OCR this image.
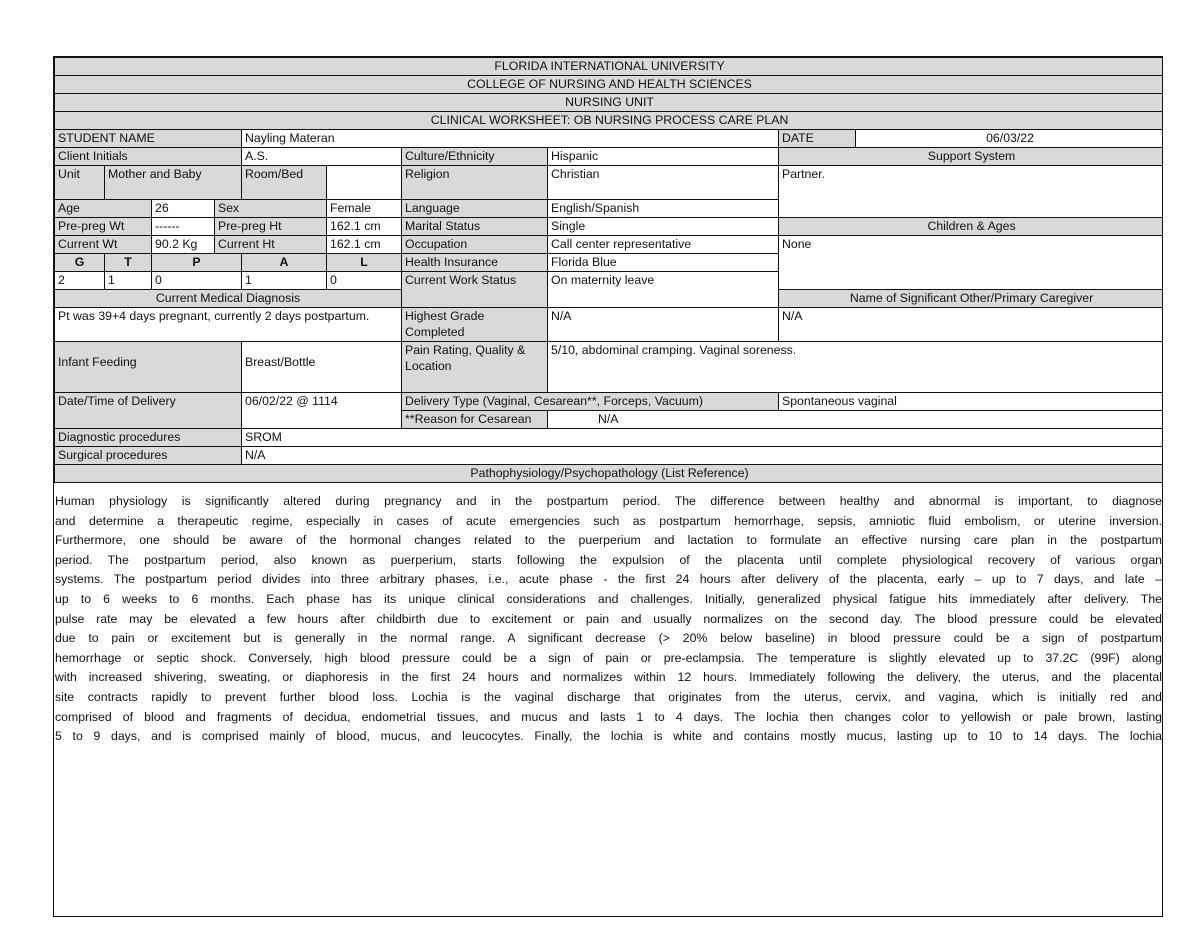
FLORIDA INTERNATIONAL UNIVERSITY									
COLLEGE OF NURSING AND HEALTH SCIENCES									
NURSING UNIT									
CLINICAL WORKSHEET: OB NURSING PROCESS CARE PLAN									
STUDENT NAME				Nayling Materan				DATE	06/03/22
Client Initials				A.S.		Culture/Ethnicity	Hispanic	Support System	
Unit	Mother and Baby			Room/Bed		Religion	Christian	Partner.	
Age		26	Sex		Female	Language	English/Spanish		
Pre-preg Wt		------	Pre-preg Ht		162.1 cm	Marital Status	Single	Children & Ages	
Current Wt		90.2 Kg	Current Ht		162.1 cm	Occupation	Call center representative	None	
G	T	P		A	L	Health Insurance	Florida Blue		
2	1	0		1	0	Current Work Status	On maternity leave		
Current Medical Diagnosis								Name of Significant Other/Primary Caregiver	
Pt was 39+4 days pregnant, currently 2 days postpartum.						Highest Grade Completed	N/A	N/A	
						Pain Rating, Quality & Location	5/10, abdominal cramping. Vaginal soreness.		
Infant Feeding				Breast/Bottle					
Date/Time of Delivery				06/02/22 @ 1114		Delivery Type (Vaginal, Cesarean**, Forceps, Vacuum)		Spontaneous vaginal	
						**Reason for Cesarean	N/A		
Diagnostic procedures				SROM					
Surgical procedures				N/A					
Pathophysiology/Psychopathology (List Reference)									
Human physiology is significantly altered during pregnancy and in the postpartum period. The difference between healthy and abnormal is important, to diagnose
and determine a therapeutic regime, especially in cases of acute emergencies such as postpartum hemorrhage, sepsis, amniotic fluid embolism, or uterine inversion.
Furthermore, one should be aware of the hormonal changes related to the puerperium and lactation to formulate an effective nursing care plan in the postpartum
period. The postpartum period, also known as puerperium, starts following the expulsion of the placenta until complete physiological recovery of various organ
systems. The postpartum period divides into three arbitrary phases, i.e., acute phase - the first 24 hours after delivery of the placenta, early – up to 7 days, and late –
up to 6 weeks to 6 months. Each phase has its unique clinical considerations and challenges. Initially, generalized physical fatigue hits immediately after delivery. The
pulse rate may be elevated a few hours after childbirth due to excitement or pain and usually normalizes on the second day. The blood pressure could be elevated
due to pain or excitement but is generally in the normal range. A significant decrease (> 20% below baseline) in blood pressure could be a sign of postpartum
hemorrhage or septic shock. Conversely, high blood pressure could be a sign of pain or pre-eclampsia. The temperature is slightly elevated up to 37.2C (99F) along
with increased shivering, sweating, or diaphoresis in the first 24 hours and normalizes within 12 hours. Immediately following the delivery, the uterus, and the placental
site contracts rapidly to prevent further blood loss. Lochia is the vaginal discharge that originates from the uterus, cervix, and vagina, which is initially red and
comprised of blood and fragments of decidua, endometrial tissues, and mucus and lasts 1 to 4 days. The lochia then changes color to yellowish or pale brown, lasting
5 to 9 days, and is comprised mainly of blood, mucus, and leucocytes. Finally, the lochia is white and contains mostly mucus, lasting up to 10 to 14 days. The lochia
